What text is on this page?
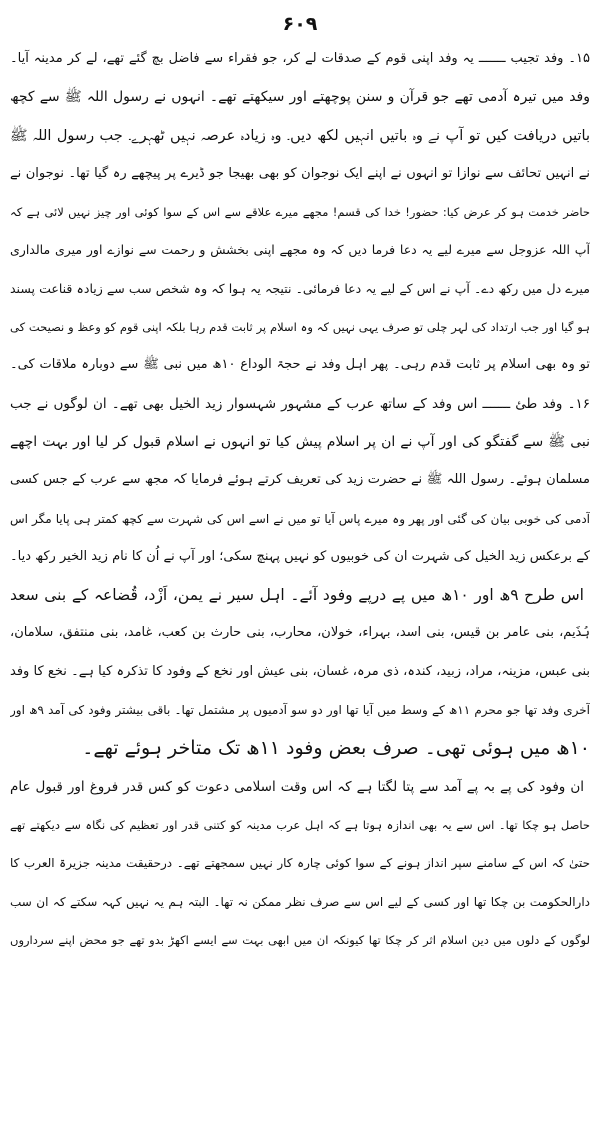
۶۰۹
۱۵۔ وفد تجیب ـــــــ یہ وفد اپنی قوم کے صدقات لے کر، جو فقراء سے فاضل بچ گئے تھے، لے کر مدینہ آیا۔
وفد میں تیرہ آدمی تھے جو قرآن و سنن پوچھتے اور سیکھتے تھے۔ انہوں نے رسول اللہ ﷺ سے کچھ
باتیں دریافت کیں تو آپ نے وہ باتیں انہیں لکھ دیں۔ وہ زیادہ عرصہ نہیں ٹھہرے۔ جب رسول اللہ ﷺ
نے انہیں تحائف سے نوازا تو انہوں نے اپنے ایک نوجوان کو بھی بھیجا جو ڈیرے پر پیچھے رہ گیا تھا۔ نوجوان نے
حاضر خدمت ہو کر عرض کیا: حضور! خدا کی قسم! مجھے میرے علاقے سے اس کے سوا کوئی اور چیز نہیں لائی ہے کہ
آپ اللہ عزوجل سے میرے لیے یہ دعا فرما دیں کہ وہ مجھے اپنی بخشش و رحمت سے نوازے اور میری مالداری
میرے دل میں رکھ دے۔ آپ نے اس کے لیے یہ دعا فرمائی۔ نتیجہ یہ ہوا کہ وہ شخص سب سے زیادہ قناعت پسند
ہو گیا اور جب ارتداد کی لہر چلی تو صرف یہی نہیں کہ وہ اسلام پر ثابت قدم رہا بلکہ اپنی قوم کو وعظ و نصیحت کی
تو وہ بھی اسلام پر ثابت قدم رہی۔ پھر اہل وفد نے حجۃ الوداع ۱۰ھ میں نبی ﷺ سے دوبارہ ملاقات کی۔
۱۶۔ وفد طئ ـــــــ اس وفد کے ساتھ عرب کے مشہور شہسوار زید الخیل بھی تھے۔ ان لوگوں نے جب
نبی ﷺ سے گفتگو کی اور آپ نے ان پر اسلام پیش کیا تو انہوں نے اسلام قبول کر لیا اور بہت اچھے
مسلمان ہوئے۔ رسول اللہ ﷺ نے حضرت زید کی تعریف کرتے ہوئے فرمایا کہ مجھ سے عرب کے جس کسی
آدمی کی خوبی بیان کی گئی اور پھر وہ میرے پاس آیا تو میں نے اسے اس کی شہرت سے کچھ کمتر ہی پایا مگر اس
کے برعکس زید الخیل کی شہرت ان کی خوبیوں کو نہیں پہنچ سکی؛ اور آپ نے اُن کا نام زید الخیر رکھ دیا۔
اس طرح ۹ھ اور ۱۰ھ میں پے درپے وفود آئے۔ اہل سیر نے یمن، اَزْد، قُضاعہ کے بنی سعد
ہُذَیم، بنی عامر بن قیس، بنی اسد، بہراء، خولان، محارب، بنی حارث بن کعب، غامد، بنی منتفق، سلامان،
بنی عبس، مزینہ، مراد، زبید، کندہ، ذی مرہ، غسان، بنی عیش اور نخع کے وفود کا تذکرہ کیا ہے۔ نخع کا وفد
آخری وفد تھا جو محرم ۱۱ھ کے وسط میں آیا تھا اور دو سو آدمیوں پر مشتمل تھا۔ باقی بیشتر وفود کی آمد ۹ھ اور
۱۰ھ میں ہوئی تھی۔ صرف بعض وفود ۱۱ھ تک متاخر ہوئے تھے۔
ان وفود کی پے بہ پے آمد سے پتا لگتا ہے کہ اس وقت اسلامی دعوت کو کس قدر فروغ اور قبول عام
حاصل ہو چکا تھا۔ اس سے یہ بھی اندازہ ہوتا ہے کہ اہل عرب مدینہ کو کتنی قدر اور تعظیم کی نگاہ سے دیکھتے تھے
حتیٰ کہ اس کے سامنے سپر انداز ہونے کے سوا کوئی چارہ کار نہیں سمجھتے تھے۔ درحقیقت مدینہ جزیرۃ العرب کا
دارالحکومت بن چکا تھا اور کسی کے لیے اس سے صرف نظر ممکن نہ تھا۔ البتہ ہم یہ نہیں کہہ سکتے کہ ان سب
لوگوں کے دلوں میں دین اسلام اثر کر چکا تھا کیونکہ ان میں ابھی بہت سے ایسے اکھڑ بدو تھے جو محض اپنے سرداروں
